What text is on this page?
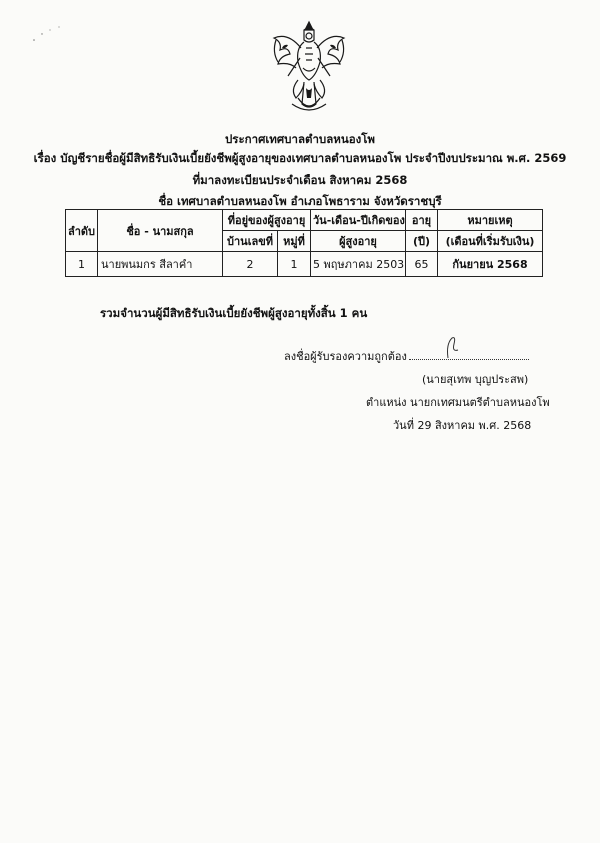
ประกาศเทศบาลตำบลหนองโพ
เรื่อง บัญชีรายชื่อผู้มีสิทธิรับเงินเบี้ยยังชีพผู้สูงอายุของเทศบาลตำบลหนองโพ ประจำปีงบประมาณ พ.ศ. 2569
ที่มาลงทะเบียนประจำเดือน สิงหาคม 2568
ชื่อ เทศบาลตำบลหนองโพ อำเภอโพธาราม จังหวัดราชบุรี
ลำดับ	ชื่อ - นามสกุล	ที่อยู่ของผู้สูงอายุ		วัน-เดือน-ปีเกิดของ	อายุ	หมายเหตุ
		บ้านเลขที่	หมู่ที่	ผู้สูงอายุ	(ปี)	(เดือนที่เริ่มรับเงิน)
1	นายพนมกร สีลาคำ	2	1	5 พฤษภาคม 2503	65	กันยายน 2568
รวมจำนวนผู้มีสิทธิรับเงินเบี้ยยังชีพผู้สูงอายุทั้งสิ้น 1 คน
ลงชื่อผู้รับรองความถูกต้อง
(นายสุเทพ บุญประสพ)
ตำแหน่ง นายกเทศมนตรีตำบลหนองโพ
วันที่ 29 สิงหาคม พ.ศ. 2568
